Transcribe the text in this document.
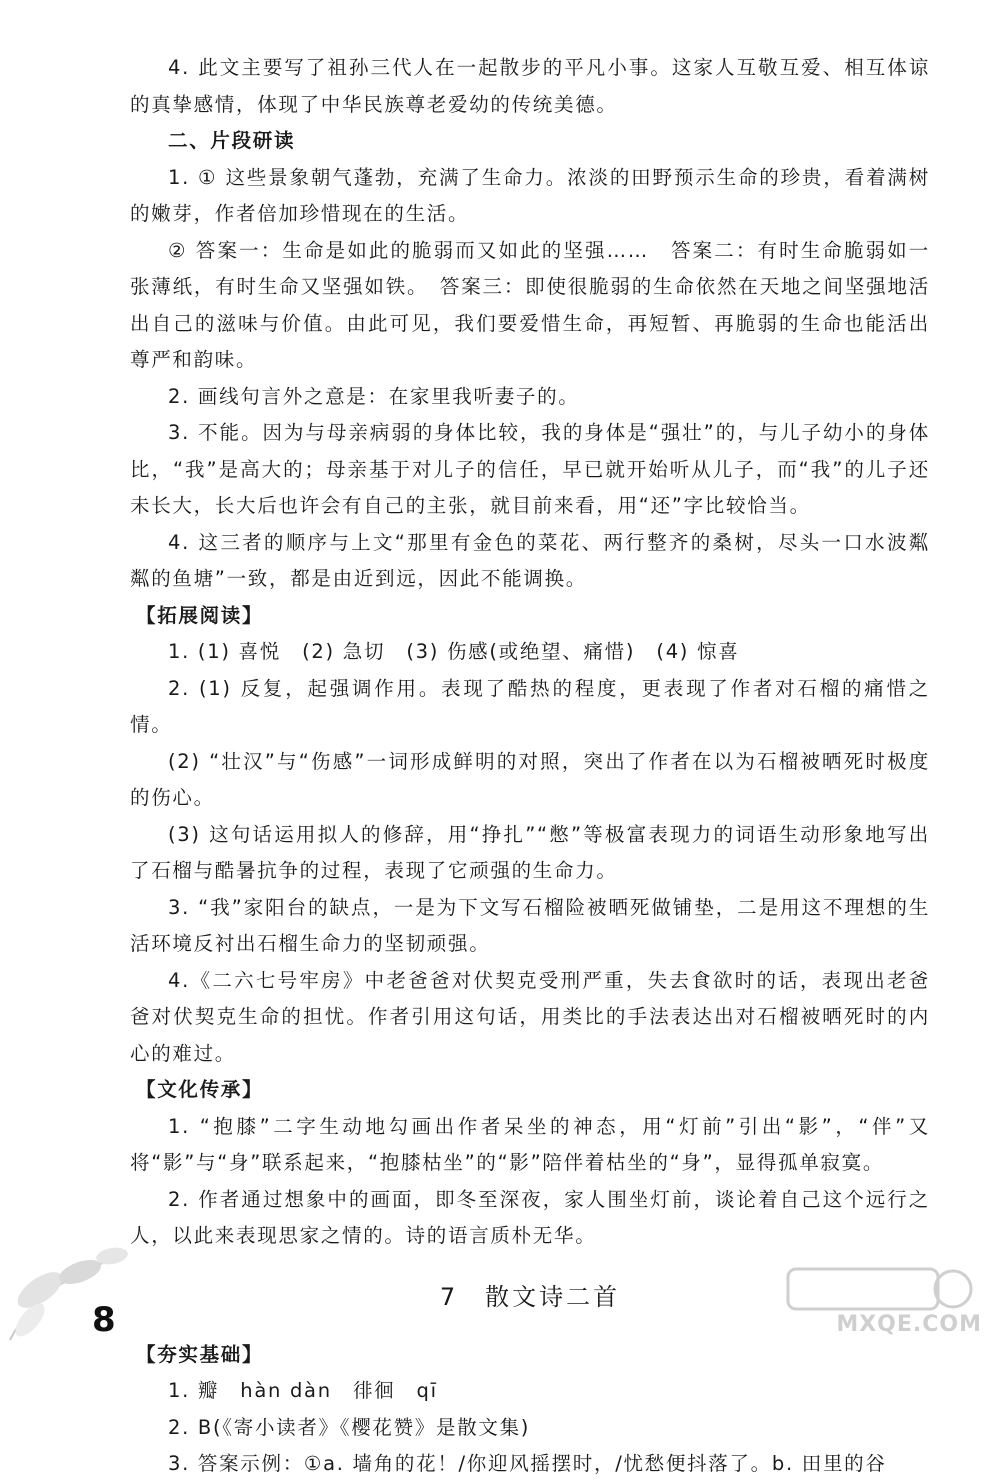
4. 此文主要写了祖孙三代人在一起散步的平凡小事。这家人互敬互爱、相互体谅的真挚感情，体现了中华民族尊老爱幼的传统美德。

二、片段研读

1. ① 这些景象朝气蓬勃，充满了生命力。浓淡的田野预示生命的珍贵，看着满树的嫩芽，作者倍加珍惜现在的生活。

② 答案一：生命是如此的脆弱而又如此的坚强……　答案二：有时生命脆弱如一张薄纸，有时生命又坚强如铁。　答案三：即使很脆弱的生命依然在天地之间坚强地活出自己的滋味与价值。由此可见，我们要爱惜生命，再短暂、再脆弱的生命也能活出尊严和韵味。

2. 画线句言外之意是：在家里我听妻子的。

3. 不能。因为与母亲病弱的身体比较，我的身体是“强壮”的，与儿子幼小的身体比，“我”是高大的；母亲基于对儿子的信任，早已就开始听从儿子，而“我”的儿子还未长大，长大后也许会有自己的主张，就目前来看，用“还”字比较恰当。

4. 这三者的顺序与上文“那里有金色的菜花、两行整齐的桑树，尽头一口水波粼粼的鱼塘”一致，都是由近到远，因此不能调换。

【拓展阅读】

1. (1) 喜悦　(2) 急切　(3) 伤感(或绝望、痛惜)　(4) 惊喜

2. (1) 反复，起强调作用。表现了酷热的程度，更表现了作者对石榴的痛惜之情。

(2) “壮汉”与“伤感”一词形成鲜明的对照，突出了作者在以为石榴被晒死时极度的伤心。

(3) 这句话运用拟人的修辞，用“挣扎”“憋”等极富表现力的词语生动形象地写出了石榴与酷暑抗争的过程，表现了它顽强的生命力。

3. “我”家阳台的缺点，一是为下文写石榴险被晒死做铺垫，二是用这不理想的生活环境反衬出石榴生命力的坚韧顽强。

4.《二六七号牢房》中老爸爸对伏契克受刑严重，失去食欲时的话，表现出老爸爸对伏契克生命的担忧。作者引用这句话，用类比的手法表达出对石榴被晒死时的内心的难过。

【文化传承】

1. “抱膝”二字生动地勾画出作者呆坐的神态，用“灯前”引出“影”，“伴”又将“影”与“身”联系起来，“抱膝枯坐”的“影”陪伴着枯坐的“身”，显得孤单寂寞。

2. 作者通过想象中的画面，即冬至深夜，家人围坐灯前，谈论着自己这个远行之人，以此来表现思家之情的。诗的语言质朴无华。

7　散文诗二首

【夯实基础】

1. 瓣　hàn dàn　徘徊　qī

2. B(《寄小读者》《樱花赞》是散文集)

3. 答案示例：①a. 墙角的花！/你迎风摇摆时，/忧愁便抖落了。b. 田里的谷

8	MXQE.COM
